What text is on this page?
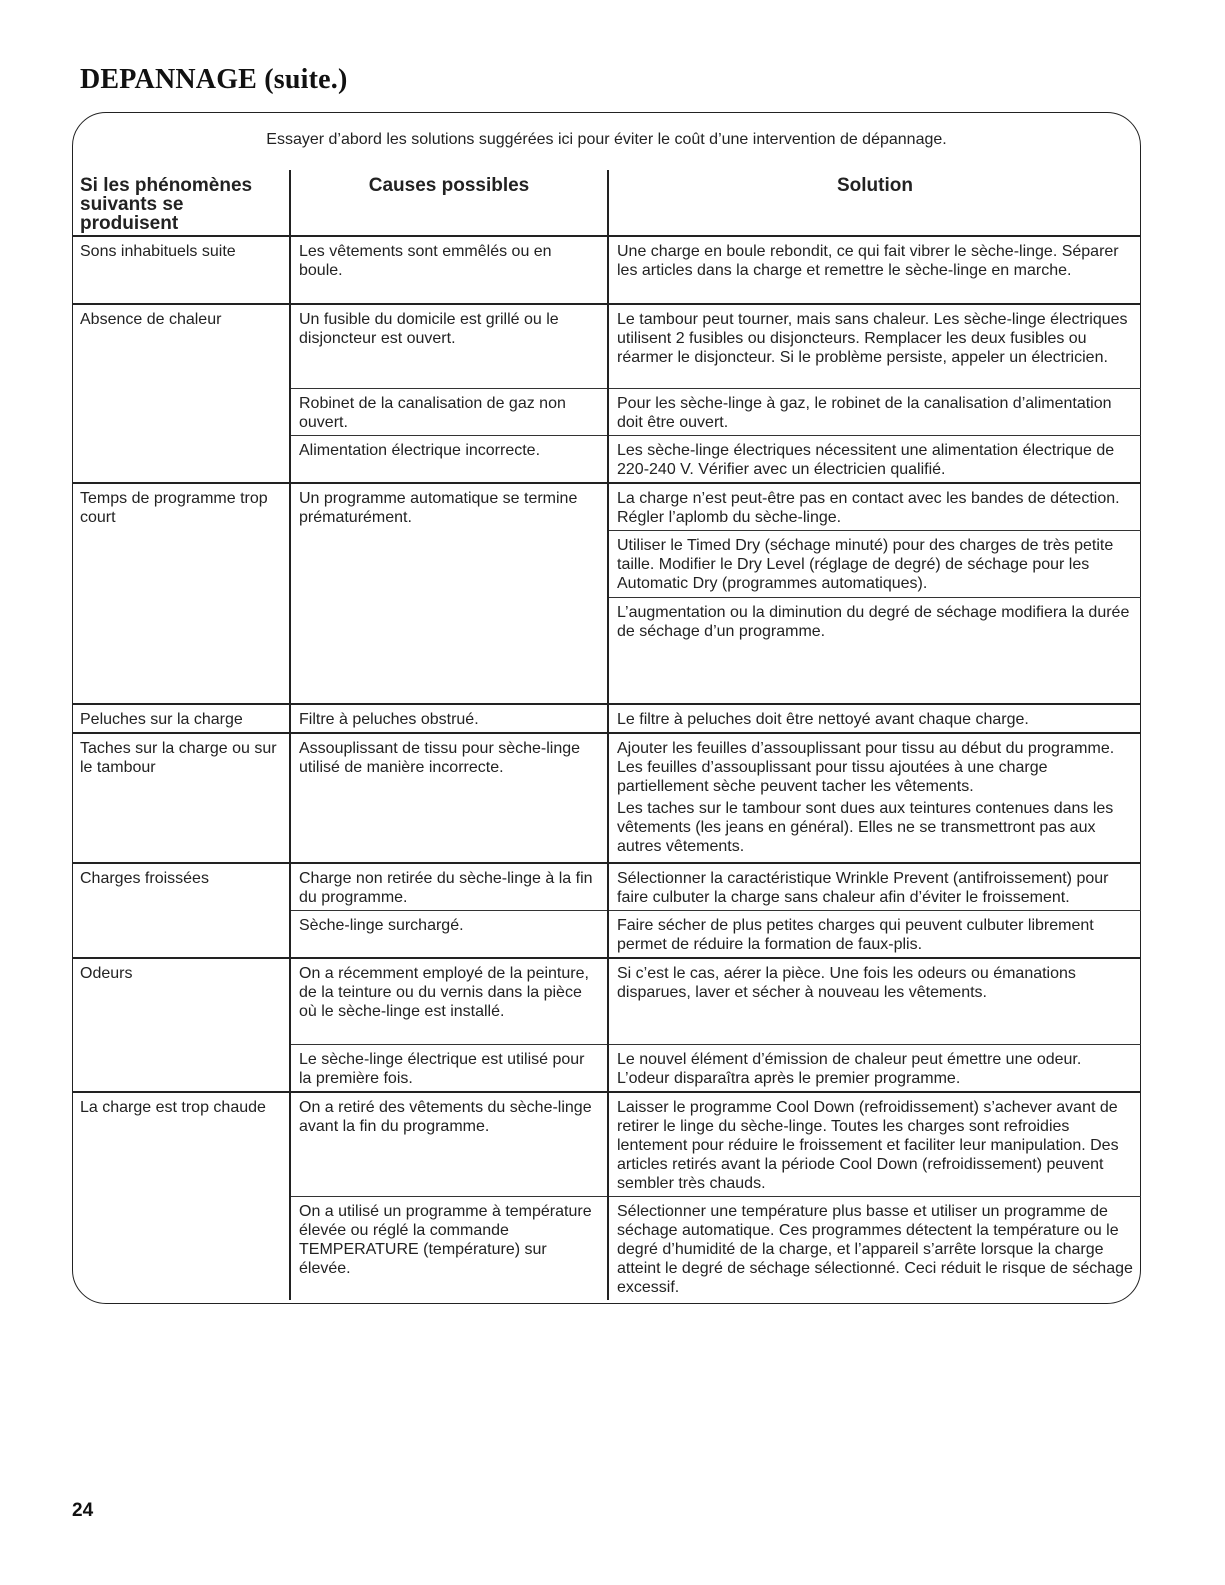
DEPANNAGE (suite.)
Essayer d’abord les solutions suggérées ici pour éviter le coût d’une intervention de dépannage.
Si les phénomènes suivants se produisent	Causes possibles	Solution
Sons inhabituels suite	Les vêtements sont emmêlés ou en boule.	Une charge en boule rebondit, ce qui fait vibrer le sèche-linge. Séparer les articles dans la charge et remettre le sèche-linge en marche.
Absence de chaleur	Un fusible du domicile est grillé ou le disjoncteur est ouvert.	Le tambour peut tourner, mais sans chaleur. Les sèche-linge électriques utilisent 2 fusibles ou disjoncteurs. Remplacer les deux fusibles ou réarmer le disjoncteur. Si le problème persiste, appeler un électricien.
	Robinet de la canalisation de gaz non ouvert.	Pour les sèche-linge à gaz, le robinet de la canalisation d’alimentation doit être ouvert.
	Alimentation électrique incorrecte.	Les sèche-linge électriques nécessitent une alimentation électrique de 220-240 V. Vérifier avec un électricien qualifié.
Temps de programme trop court	Un programme automatique se termine prématurément.	La charge n’est peut-être pas en contact avec les bandes de détection. Régler l’aplomb du sèche-linge.
		Utiliser le Timed Dry (séchage minuté) pour des charges de très petite taille. Modifier le Dry Level (réglage de degré) de séchage pour les Automatic Dry (programmes automatiques).
		L’augmentation ou la diminution du degré de séchage modifiera la durée de séchage d’un programme.
Peluches sur la charge	Filtre à peluches obstrué.	Le filtre à peluches doit être nettoyé avant chaque charge.
Taches sur la charge ou sur le tambour	Assouplissant de tissu pour sèche-linge utilisé de manière incorrecte.	Ajouter les feuilles d’assouplissant pour tissu au début du programme. Les feuilles d’assouplissant pour tissu ajoutées à une charge partiellement sèche peuvent tacher les vêtements.

Les taches sur le tambour sont dues aux teintures contenues dans les vêtements (les jeans en général). Elles ne se transmettront pas aux autres vêtements.

Charges froissées	Charge non retirée du sèche-linge à la fin du programme.	Sélectionner la caractéristique Wrinkle Prevent (antifroissement) pour faire culbuter la charge sans chaleur afin d’éviter le froissement.
	Sèche-linge surchargé.	Faire sécher de plus petites charges qui peuvent culbuter librement permet de réduire la formation de faux-plis.
Odeurs	On a récemment employé de la peinture, de la teinture ou du vernis dans la pièce où le sèche-linge est installé.	Si c’est le cas, aérer la pièce. Une fois les odeurs ou émanations disparues, laver et sécher à nouveau les vêtements.
	Le sèche-linge électrique est utilisé pour la première fois.	Le nouvel élément d’émission de chaleur peut émettre une odeur. L’odeur disparaîtra après le premier programme.
La charge est trop chaude	On a retiré des vêtements du sèche-linge avant la fin du programme.	Laisser le programme Cool Down (refroidissement) s’achever avant de retirer le linge du sèche-linge. Toutes les charges sont refroidies lentement pour réduire le froissement et faciliter leur manipulation. Des articles retirés avant la période Cool Down (refroidissement) peuvent sembler très chauds.
	On a utilisé un programme à température élevée ou réglé la commande TEMPERATURE (température) sur élevée.	Sélectionner une température plus basse et utiliser un programme de séchage automatique. Ces programmes détectent la température ou le degré d’humidité de la charge, et l’appareil s’arrête lorsque la charge atteint le degré de séchage sélectionné. Ceci réduit le risque de séchage excessif.
24
